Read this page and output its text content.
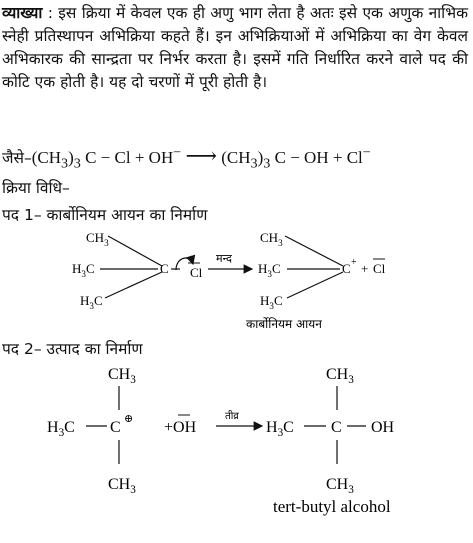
व्याख्या : इस क्रिया में केवल एक ही अणु भाग लेता है अतः इसे एक अणुक नाभिक स्नेही प्रतिस्थापन अभिक्रिया कहते हैं। इन अभिक्रियाओं में अभिक्रिया का वेग केवल अभिकारक की सान्द्रता पर निर्भर करता है। इसमें गति निर्धारित करने वाले पद की कोटि एक होती है। यह दो चरणों में पूरी होती है।
$जैसे-(CH_3)_3$ C − Cl + OH− ⟶ $(CH_3)_3$ C − OH + Cl−
क्रिया विधि–
पद 1– कार्बोनियम आयन का निर्माण
पद 2– उत्पाद का निर्माण
$CH_3$
$H_3C$
$H_3C$
C Cl
मन्द
$CH_3$
$H_3C$
$H_3C$
C + + Cl
कार्बोनियम आयन
$CH_3$
$H_3C$ C ⊕
$CH_3$
+OH
तीव्र
$H_3C$ C OH
$CH_3$
$CH_3$
tert-butyl alcohol
